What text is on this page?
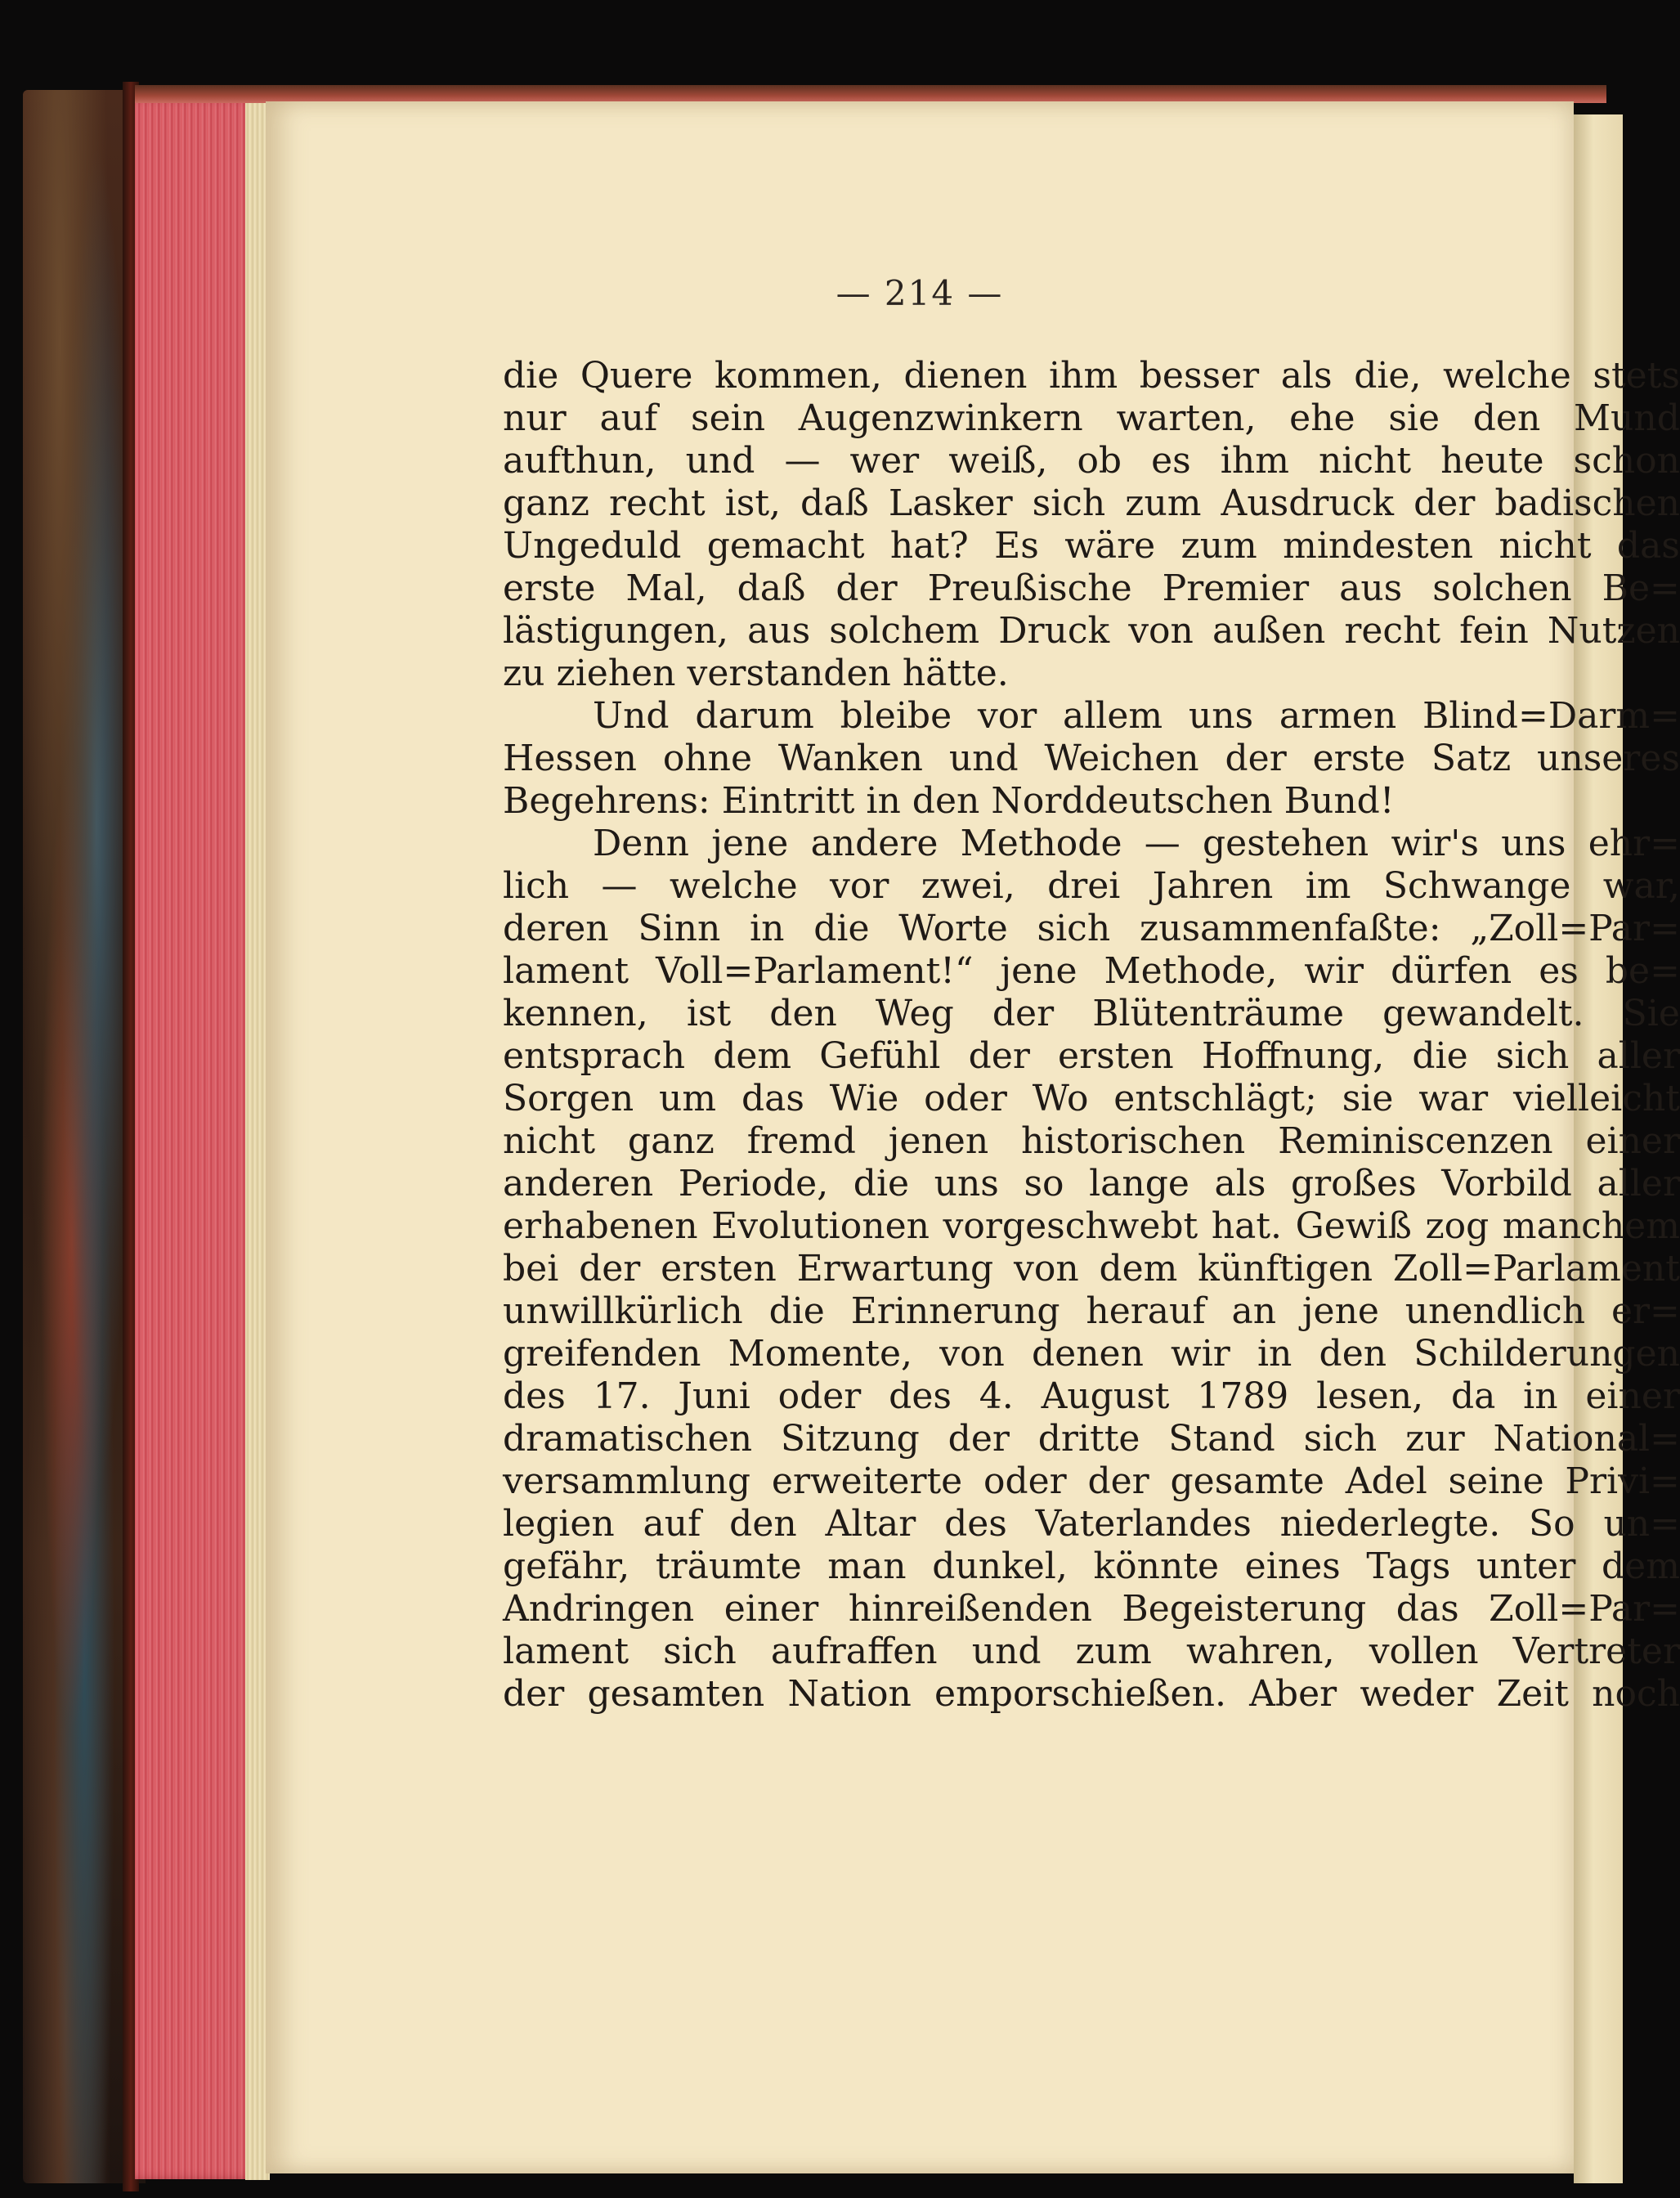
— 214 —
die Quere kommen, dienen ihm besser als die, welche stets
nur auf sein Augenzwinkern warten, ehe sie den Mund
aufthun, und — wer weiß, ob es ihm nicht heute schon
ganz recht ist, daß Lasker sich zum Ausdruck der badischen
Ungeduld gemacht hat? Es wäre zum mindesten nicht das
erste Mal, daß der Preußische Premier aus solchen Be=
lästigungen, aus solchem Druck von außen recht fein Nutzen
zu ziehen verstanden hätte.
Und darum bleibe vor allem uns armen Blind=Darm=
Hessen ohne Wanken und Weichen der erste Satz unseres
Begehrens: Eintritt in den Norddeutschen Bund!
Denn jene andere Methode — gestehen wir's uns ehr=
lich — welche vor zwei, drei Jahren im Schwange war,
deren Sinn in die Worte sich zusammenfaßte: „Zoll=Par=
lament Voll=Parlament!“ jene Methode, wir dürfen es be=
kennen, ist den Weg der Blütenträume gewandelt. Sie
entsprach dem Gefühl der ersten Hoffnung, die sich aller
Sorgen um das Wie oder Wo entschlägt; sie war vielleicht
nicht ganz fremd jenen historischen Reminiscenzen einer
anderen Periode, die uns so lange als großes Vorbild aller
erhabenen Evolutionen vorgeschwebt hat. Gewiß zog manchem
bei der ersten Erwartung von dem künftigen Zoll=Parlament
unwillkürlich die Erinnerung herauf an jene unendlich er=
greifenden Momente, von denen wir in den Schilderungen
des 17. Juni oder des 4. August 1789 lesen, da in einer
dramatischen Sitzung der dritte Stand sich zur National=
versammlung erweiterte oder der gesamte Adel seine Privi=
legien auf den Altar des Vaterlandes niederlegte. So un=
gefähr, träumte man dunkel, könnte eines Tags unter dem
Andringen einer hinreißenden Begeisterung das Zoll=Par=
lament sich aufraffen und zum wahren, vollen Vertreter
der gesamten Nation emporschießen. Aber weder Zeit noch
